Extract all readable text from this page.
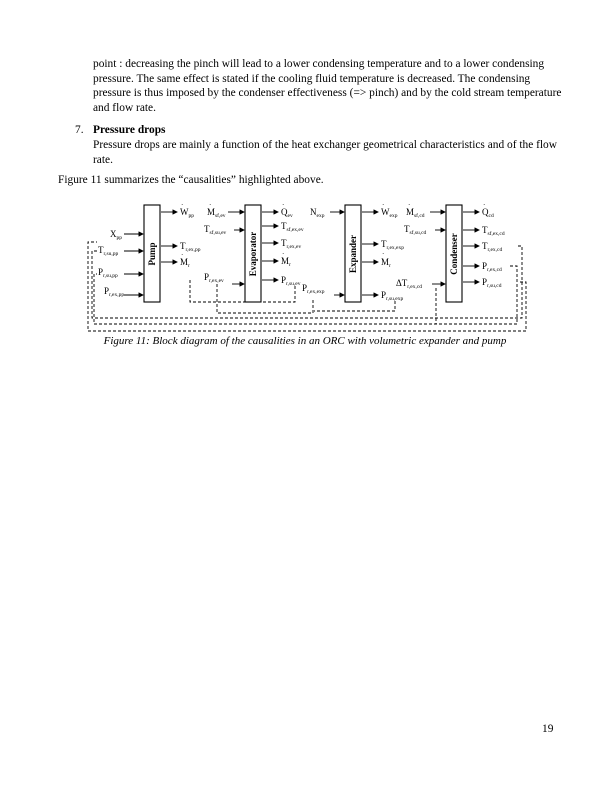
point : decreasing the pinch will lead to a lower condensing temperature and to a lower condensing pressure. The same effect is stated if the cooling fluid temperature is decreased. The condensing pressure is thus imposed by the condenser effectiveness (=> pinch) and by the cold stream temperature and flow rate.
7. Pressure drops
Pressure drops are mainly a function of the heat exchanger geometrical characteristics and of the flow rate.
Figure 11 summarizes the “causalities” highlighted above.
Pump	Evaporator	Expander	Condenser
$X_{pp}$
$T_{r,su,pp}$
$P_{r,su,pp}$
$P_{r,ex,pp}$
$W_{pp}$
$T_{r,ex,pp}$
$M_r$
·
·
$M_{sf,ev}$
·
$T_{sf,su,ev}$
$P_{r,ex,ev}$
$Q_{ev}$
·
$T_{sf,ex,ev}$
$T_{r,ex,ev}$
$M_r$
·
$P_{r,su,ev}$
$N_{exp}$
$P_{r,ex,exp}$
$W_{exp}$
·
$T_{r,ex,exp}$
$M_r$
·
$P_{r,su,exp}$
$M_{sf,cd}$
·
$T_{sf,su,cd}$
$\Delta T_{r,ex,cd}$
$Q_{cd}$
·
$T_{sf,ex,cd}$
$T_{r,ex,cd}$
$P_{r,ex,cd}$
$P_{r,su,cd}$
Figure 11: Block diagram of the causalities in an ORC with volumetric expander and pump
19
